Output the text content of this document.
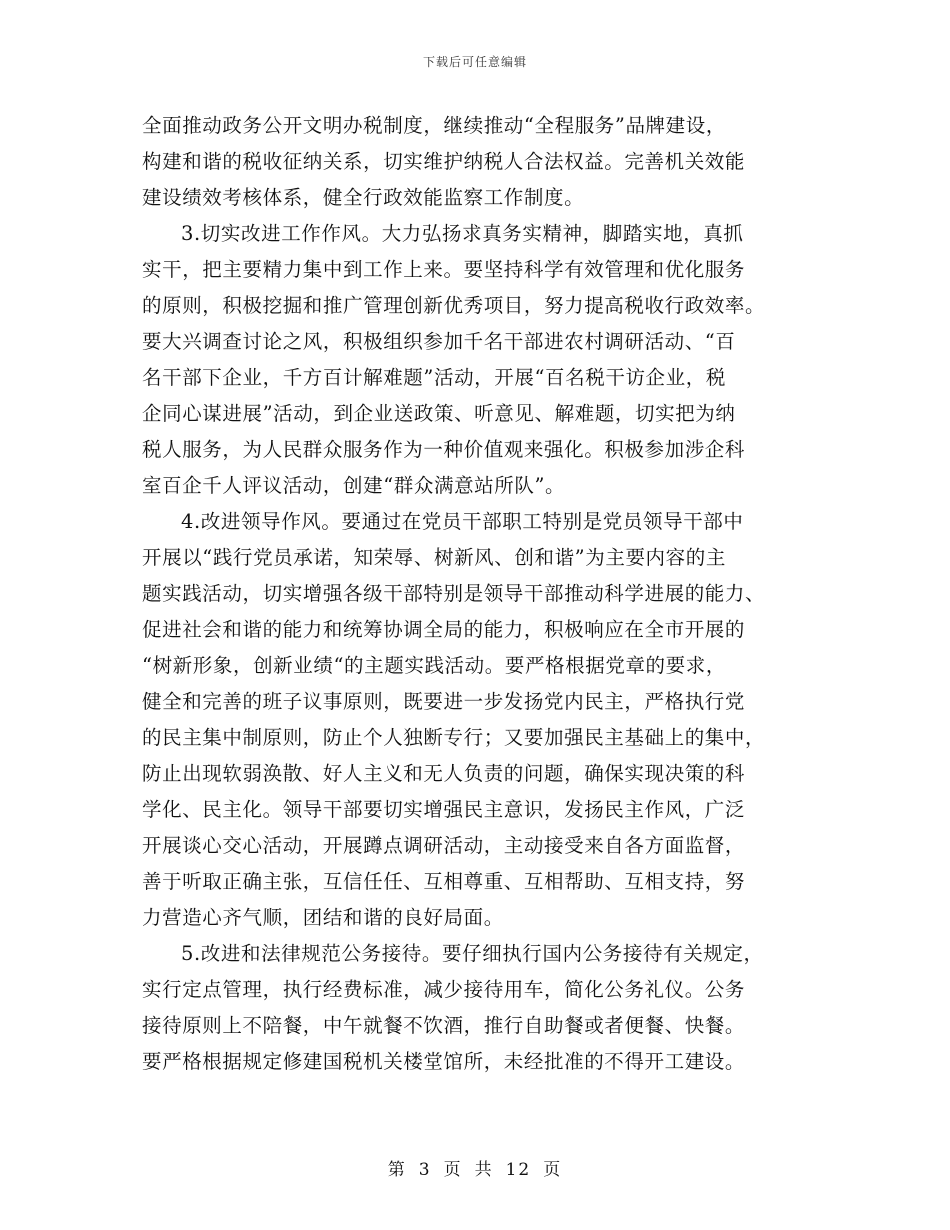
下载后可任意编辑
全面推动政务公开文明办税制度，继续推动“全程服务”品牌建设，
构建和谐的税收征纳关系，切实维护纳税人合法权益。完善机关效能
建设绩效考核体系，健全行政效能监察工作制度。
3.切实改进工作作风。大力弘扬求真务实精神，脚踏实地，真抓
实干，把主要精力集中到工作上来。要坚持科学有效管理和优化服务
的原则，积极挖掘和推广管理创新优秀项目，努力提高税收行政效率。
要大兴调查讨论之风，积极组织参加千名干部进农村调研活动、“百
名干部下企业，千方百计解难题”活动，开展“百名税干访企业，税
企同心谋进展”活动，到企业送政策、听意见、解难题，切实把为纳
税人服务，为人民群众服务作为一种价值观来强化。积极参加涉企科
室百企千人评议活动，创建“群众满意站所队”。
4.改进领导作风。要通过在党员干部职工特别是党员领导干部中
开展以“践行党员承诺，知荣辱、树新风、创和谐”为主要内容的主
题实践活动，切实增强各级干部特别是领导干部推动科学进展的能力、
促进社会和谐的能力和统筹协调全局的能力，积极响应在全市开展的
“树新形象，创新业绩“的主题实践活动。要严格根据党章的要求，
健全和完善的班子议事原则，既要进一步发扬党内民主，严格执行党
的民主集中制原则，防止个人独断专行；又要加强民主基础上的集中，
防止出现软弱涣散、好人主义和无人负责的问题，确保实现决策的科
学化、民主化。领导干部要切实增强民主意识，发扬民主作风，广泛
开展谈心交心活动，开展蹲点调研活动，主动接受来自各方面监督，
善于听取正确主张，互信任任、互相尊重、互相帮助、互相支持，努
力营造心齐气顺，团结和谐的良好局面。
5.改进和法律规范公务接待。要仔细执行国内公务接待有关规定，
实行定点管理，执行经费标准，减少接待用车，简化公务礼仪。公务
接待原则上不陪餐，中午就餐不饮酒，推行自助餐或者便餐、快餐。
要严格根据规定修建国税机关楼堂馆所，未经批准的不得开工建设。
第 3 页 共 12 页
